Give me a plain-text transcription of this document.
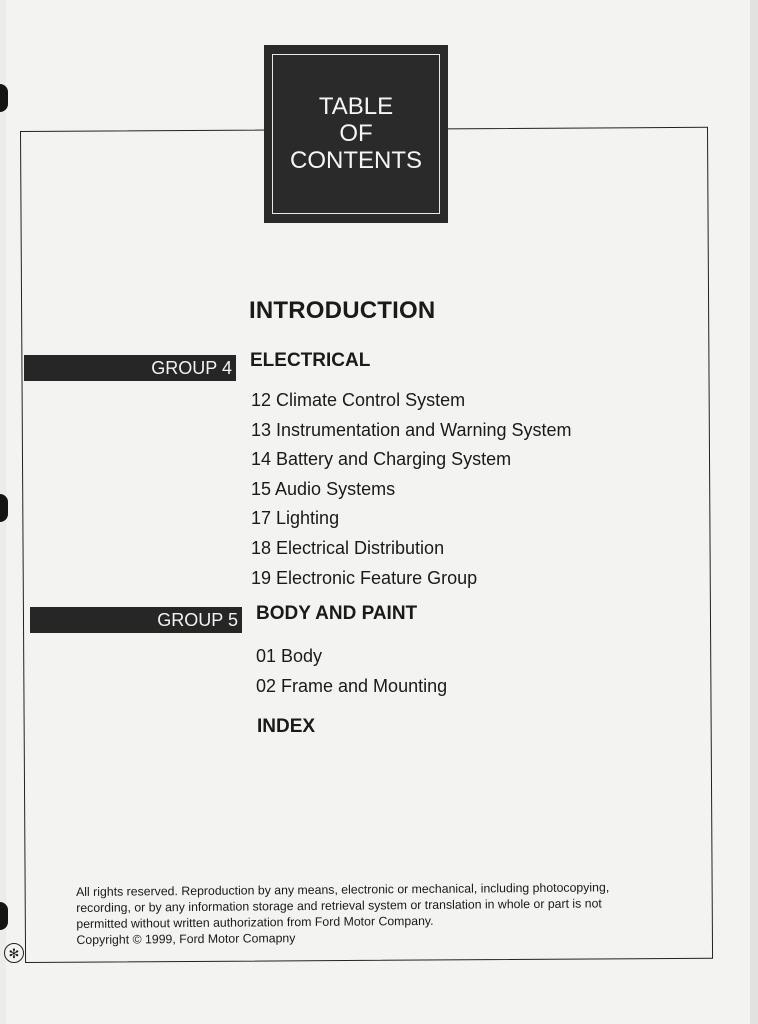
TABLE
OF
CONTENTS
INTRODUCTION
GROUP 4 ELECTRICAL
12 Climate Control System
13 Instrumentation and Warning System
14 Battery and Charging System
15 Audio Systems
17 Lighting
18 Electrical Distribution
19 Electronic Feature Group
GROUP 5 BODY AND PAINT
01 Body
02 Frame and Mounting
INDEX

All rights reserved. Reproduction by any means, electronic or mechanical, including photocopying,

recording, or by any information storage and retrieval system or translation in whole or part is not

permitted without written authorization from Ford Motor Company.

Copyright © 1999, Ford Motor Comapny

✻
